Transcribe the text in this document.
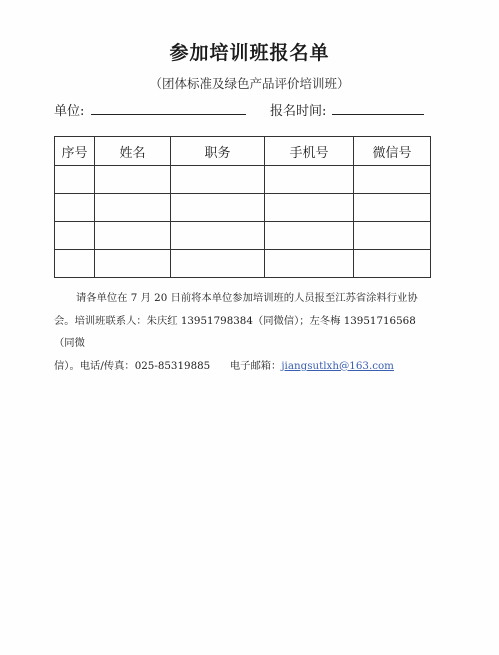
参加培训班报名单
（团体标准及绿色产品评价培训班）
单位:	报名时间:
序号	姓名	职务	手机号	微信号

请各单位在 7 月 20 日前将本单位参加培训班的人员报至江苏省涂料行业协

会。培训班联系人：朱庆红 13951798384（同微信）；左冬梅 13951716568（同微

信）。电话/传真：025-85319885      电子邮箱：jiangsutlxh@163.com
